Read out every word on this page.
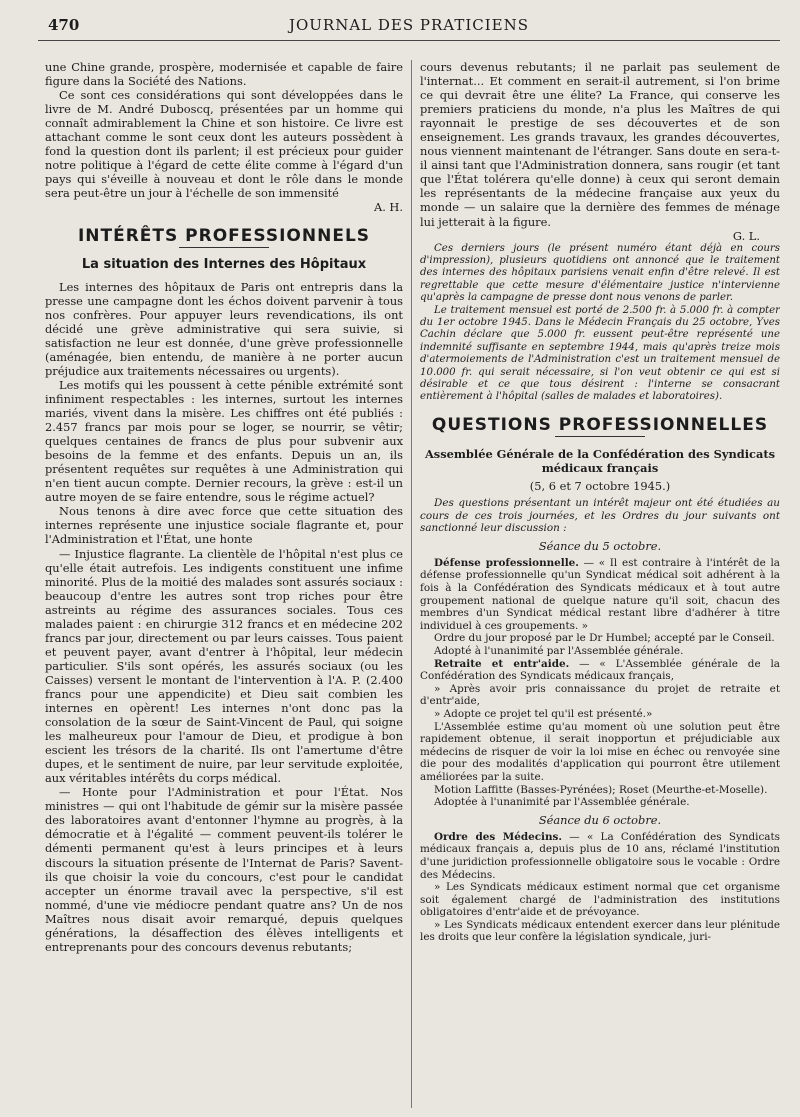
470	JOURNAL DES PRATICIENS

une Chine grande, prospère, modernisée et capable de faire figure dans la Société des Nations.

Ce sont ces considérations qui sont développées dans le livre de M. André Duboscq, présentées par un homme qui connaît admirablement la Chine et son histoire. Ce livre est attachant comme le sont ceux dont les auteurs possèdent à fond la question dont ils parlent; il est précieux pour guider notre politique à l'égard de cette élite comme à l'égard d'un pays qui s'éveille à nouveau et dont le rôle dans le monde sera peut-être un jour à l'échelle de son immensité

A. H.
INTÉRÊTS PROFESSIONNELS
La situation des Internes des Hôpitaux

Les internes des hôpitaux de Paris ont entrepris dans la presse une campagne dont les échos doivent parvenir à tous nos confrères. Pour appuyer leurs revendications, ils ont décidé une grève administrative qui sera suivie, si satisfaction ne leur est donnée, d'une grève professionnelle (aménagée, bien entendu, de manière à ne porter aucun préjudice aux traitements nécessaires ou urgents).

Les motifs qui les poussent à cette pénible extrémité sont infiniment respectables : les internes, surtout les internes mariés, vivent dans la misère. Les chiffres ont été publiés : 2.457 francs par mois pour se loger, se nourrir, se vêtir; quelques centaines de francs de plus pour subvenir aux besoins de la femme et des enfants. Depuis un an, ils présentent requêtes sur requêtes à une Administration qui n'en tient aucun compte. Dernier recours, la grève : est-il un autre moyen de se faire entendre, sous le régime actuel?

Nous tenons à dire avec force que cette situation des internes représente une injustice sociale flagrante et, pour l'Administration et l'État, une honte

— Injustice flagrante. La clientèle de l'hôpital n'est plus ce qu'elle était autrefois. Les indigents constituent une infime minorité. Plus de la moitié des malades sont assurés sociaux : beaucoup d'entre les autres sont trop riches pour être astreints au régime des assurances sociales. Tous ces malades paient : en chirurgie 312 francs et en médecine 202 francs par jour, directement ou par leurs caisses. Tous paient et peuvent payer, avant d'entrer à l'hôpital, leur médecin particulier. S'ils sont opérés, les assurés sociaux (ou les Caisses) versent le montant de l'intervention à l'A. P. (2.400 francs pour une appendicite) et Dieu sait combien les internes en opèrent! Les internes n'ont donc pas la consolation de la sœur de Saint-Vincent de Paul, qui soigne les malheureux pour l'amour de Dieu, et prodigue à bon escient les trésors de la charité. Ils ont l'amertume d'être dupes, et le sentiment de nuire, par leur servitude exploitée, aux véritables intérêts du corps médical.

— Honte pour l'Administration et pour l'État. Nos ministres — qui ont l'habitude de gémir sur la misère passée des laboratoires avant d'entonner l'hymne au progrès, à la démocratie et à l'égalité — comment peuvent-ils tolérer le démenti permanent qu'est à leurs principes et à leurs discours la situation présente de l'Internat de Paris? Savent-ils que choisir la voie du concours, c'est pour le candidat accepter un énorme travail avec la perspective, s'il est nommé, d'une vie médiocre pendant quatre ans? Un de nos Maîtres nous disait avoir remarqué, depuis quelques générations, la désaffection des élèves intelligents et entreprenants pour des concours devenus rebutants;

cours devenus rebutants; il ne parlait pas seulement de l'internat... Et comment en serait-il autrement, si l'on brime ce qui devrait être une élite? La France, qui conserve les premiers praticiens du monde, n'a plus les Maîtres de qui rayonnait le prestige de ses découvertes et de son enseignement. Les grands travaux, les grandes découvertes, nous viennent maintenant de l'étranger. Sans doute en sera-t-il ainsi tant que l'Administration donnera, sans rougir (et tant que l'État tolérera qu'elle donne) à ceux qui seront demain les représentants de la médecine française aux yeux du monde — un salaire que la dernière des femmes de ménage lui jetterait à la figure.

G. L.

Ces derniers jours (le présent numéro étant déjà en cours d'impression), plusieurs quotidiens ont annoncé que le traitement des internes des hôpitaux parisiens venait enfin d'être relevé. Il est regrettable que cette mesure d'élémentaire justice n'intervienne qu'après la campagne de presse dont nous venons de parler.

Le traitement mensuel est porté de 2.500 fr. à 5.000 fr. à compter du 1er octobre 1945. Dans le Médecin Français du 25 octobre, Yves Cachin déclare que 5.000 fr. eussent peut-être représenté une indemnité suffisante en septembre 1944, mais qu'après treize mois d'atermoiements de l'Administration c'est un traitement mensuel de 10.000 fr. qui serait nécessaire, si l'on veut obtenir ce qui est si désirable et ce que tous désirent : l'interne se consacrant entièrement à l'hôpital (salles de malades et laboratoires).

QUESTIONS PROFESSIONNELLES
Assemblée Générale de la Confédération des Syndicats médicaux français
(5, 6 et 7 octobre 1945.)

Des questions présentant un intérêt majeur ont été étudiées au cours de ces trois journées, et les Ordres du jour suivants ont sanctionné leur discussion :

Séance du 5 octobre.

Défense professionnelle. — « Il est contraire à l'intérêt de la défense professionnelle qu'un Syndicat médical soit adhérent à la fois à la Confédération des Syndicats médicaux et à tout autre groupement national de quelque nature qu'il soit, chacun des membres d'un Syndicat médical restant libre d'adhérer à titre individuel à ces groupements. »

Ordre du jour proposé par le Dr Humbel; accepté par le Conseil.

Adopté à l'unanimité par l'Assemblée générale.

Retraite et entr'aide. — « L'Assemblée générale de la Confédération des Syndicats médicaux français,

» Après avoir pris connaissance du projet de retraite et d'entr'aide,

» Adopte ce projet tel qu'il est présenté.»

L'Assemblée estime qu'au moment où une solution peut être rapidement obtenue, il serait inopportun et préjudiciable aux médecins de risquer de voir la loi mise en échec ou renvoyée sine die pour des modalités d'application qui pourront être utilement améliorées par la suite.

Motion Laffitte (Basses-Pyrénées); Roset (Meurthe-et-Moselle).

Adoptée à l'unanimité par l'Assemblée générale.

Séance du 6 octobre.

Ordre des Médecins. — « La Confédération des Syndicats médicaux français a, depuis plus de 10 ans, réclamé l'institution d'une juridiction professionnelle obligatoire sous le vocable : Ordre des Médecins.

» Les Syndicats médicaux estiment normal que cet organisme soit également chargé de l'administration des institutions obligatoires d'entr'aide et de prévoyance.

» Les Syndicats médicaux entendent exercer dans leur plénitude les droits que leur confère la législation syndicale, juri-
